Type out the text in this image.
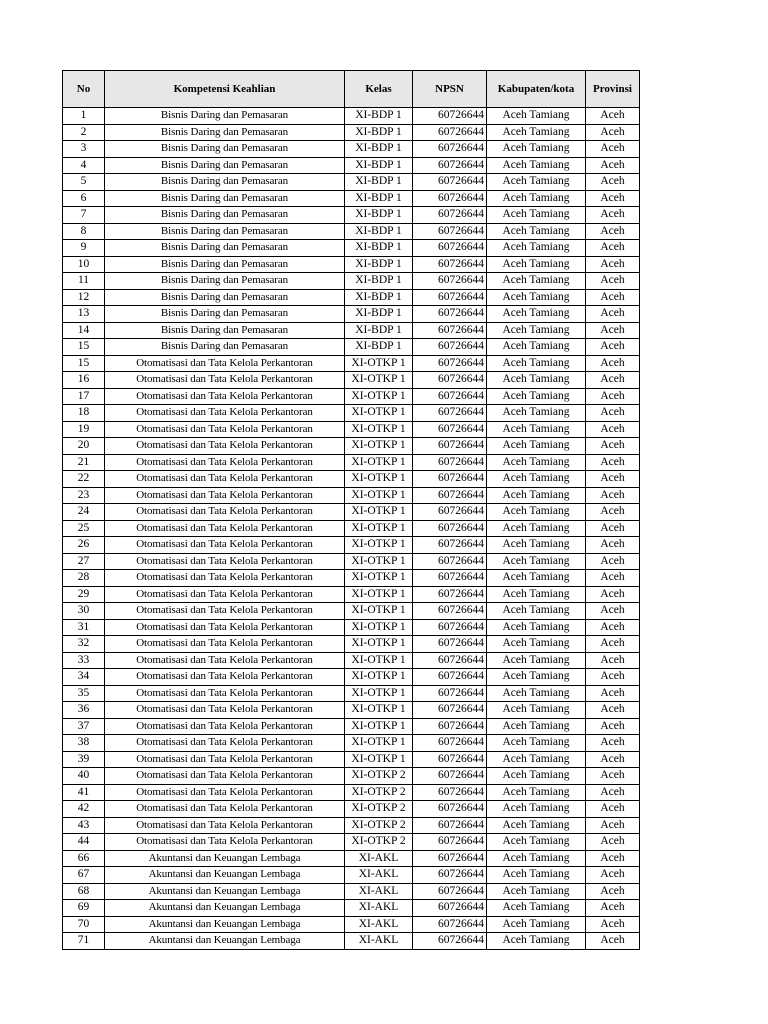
No	Kompetensi Keahlian	Kelas	NPSN	Kabupaten/kota	Provinsi
1	Bisnis Daring dan Pemasaran	XI-BDP 1	60726644	Aceh Tamiang	Aceh
2	Bisnis Daring dan Pemasaran	XI-BDP 1	60726644	Aceh Tamiang	Aceh
3	Bisnis Daring dan Pemasaran	XI-BDP 1	60726644	Aceh Tamiang	Aceh
4	Bisnis Daring dan Pemasaran	XI-BDP 1	60726644	Aceh Tamiang	Aceh
5	Bisnis Daring dan Pemasaran	XI-BDP 1	60726644	Aceh Tamiang	Aceh
6	Bisnis Daring dan Pemasaran	XI-BDP 1	60726644	Aceh Tamiang	Aceh
7	Bisnis Daring dan Pemasaran	XI-BDP 1	60726644	Aceh Tamiang	Aceh
8	Bisnis Daring dan Pemasaran	XI-BDP 1	60726644	Aceh Tamiang	Aceh
9	Bisnis Daring dan Pemasaran	XI-BDP 1	60726644	Aceh Tamiang	Aceh
10	Bisnis Daring dan Pemasaran	XI-BDP 1	60726644	Aceh Tamiang	Aceh
11	Bisnis Daring dan Pemasaran	XI-BDP 1	60726644	Aceh Tamiang	Aceh
12	Bisnis Daring dan Pemasaran	XI-BDP 1	60726644	Aceh Tamiang	Aceh
13	Bisnis Daring dan Pemasaran	XI-BDP 1	60726644	Aceh Tamiang	Aceh
14	Bisnis Daring dan Pemasaran	XI-BDP 1	60726644	Aceh Tamiang	Aceh
15	Bisnis Daring dan Pemasaran	XI-BDP 1	60726644	Aceh Tamiang	Aceh
15	Otomatisasi dan Tata Kelola Perkantoran	XI-OTKP 1	60726644	Aceh Tamiang	Aceh
16	Otomatisasi dan Tata Kelola Perkantoran	XI-OTKP 1	60726644	Aceh Tamiang	Aceh
17	Otomatisasi dan Tata Kelola Perkantoran	XI-OTKP 1	60726644	Aceh Tamiang	Aceh
18	Otomatisasi dan Tata Kelola Perkantoran	XI-OTKP 1	60726644	Aceh Tamiang	Aceh
19	Otomatisasi dan Tata Kelola Perkantoran	XI-OTKP 1	60726644	Aceh Tamiang	Aceh
20	Otomatisasi dan Tata Kelola Perkantoran	XI-OTKP 1	60726644	Aceh Tamiang	Aceh
21	Otomatisasi dan Tata Kelola Perkantoran	XI-OTKP 1	60726644	Aceh Tamiang	Aceh
22	Otomatisasi dan Tata Kelola Perkantoran	XI-OTKP 1	60726644	Aceh Tamiang	Aceh
23	Otomatisasi dan Tata Kelola Perkantoran	XI-OTKP 1	60726644	Aceh Tamiang	Aceh
24	Otomatisasi dan Tata Kelola Perkantoran	XI-OTKP 1	60726644	Aceh Tamiang	Aceh
25	Otomatisasi dan Tata Kelola Perkantoran	XI-OTKP 1	60726644	Aceh Tamiang	Aceh
26	Otomatisasi dan Tata Kelola Perkantoran	XI-OTKP 1	60726644	Aceh Tamiang	Aceh
27	Otomatisasi dan Tata Kelola Perkantoran	XI-OTKP 1	60726644	Aceh Tamiang	Aceh
28	Otomatisasi dan Tata Kelola Perkantoran	XI-OTKP 1	60726644	Aceh Tamiang	Aceh
29	Otomatisasi dan Tata Kelola Perkantoran	XI-OTKP 1	60726644	Aceh Tamiang	Aceh
30	Otomatisasi dan Tata Kelola Perkantoran	XI-OTKP 1	60726644	Aceh Tamiang	Aceh
31	Otomatisasi dan Tata Kelola Perkantoran	XI-OTKP 1	60726644	Aceh Tamiang	Aceh
32	Otomatisasi dan Tata Kelola Perkantoran	XI-OTKP 1	60726644	Aceh Tamiang	Aceh
33	Otomatisasi dan Tata Kelola Perkantoran	XI-OTKP 1	60726644	Aceh Tamiang	Aceh
34	Otomatisasi dan Tata Kelola Perkantoran	XI-OTKP 1	60726644	Aceh Tamiang	Aceh
35	Otomatisasi dan Tata Kelola Perkantoran	XI-OTKP 1	60726644	Aceh Tamiang	Aceh
36	Otomatisasi dan Tata Kelola Perkantoran	XI-OTKP 1	60726644	Aceh Tamiang	Aceh
37	Otomatisasi dan Tata Kelola Perkantoran	XI-OTKP 1	60726644	Aceh Tamiang	Aceh
38	Otomatisasi dan Tata Kelola Perkantoran	XI-OTKP 1	60726644	Aceh Tamiang	Aceh
39	Otomatisasi dan Tata Kelola Perkantoran	XI-OTKP 1	60726644	Aceh Tamiang	Aceh
40	Otomatisasi dan Tata Kelola Perkantoran	XI-OTKP 2	60726644	Aceh Tamiang	Aceh
41	Otomatisasi dan Tata Kelola Perkantoran	XI-OTKP 2	60726644	Aceh Tamiang	Aceh
42	Otomatisasi dan Tata Kelola Perkantoran	XI-OTKP 2	60726644	Aceh Tamiang	Aceh
43	Otomatisasi dan Tata Kelola Perkantoran	XI-OTKP 2	60726644	Aceh Tamiang	Aceh
44	Otomatisasi dan Tata Kelola Perkantoran	XI-OTKP 2	60726644	Aceh Tamiang	Aceh
66	Akuntansi dan Keuangan Lembaga	XI-AKL	60726644	Aceh Tamiang	Aceh
67	Akuntansi dan Keuangan Lembaga	XI-AKL	60726644	Aceh Tamiang	Aceh
68	Akuntansi dan Keuangan Lembaga	XI-AKL	60726644	Aceh Tamiang	Aceh
69	Akuntansi dan Keuangan Lembaga	XI-AKL	60726644	Aceh Tamiang	Aceh
70	Akuntansi dan Keuangan Lembaga	XI-AKL	60726644	Aceh Tamiang	Aceh
71	Akuntansi dan Keuangan Lembaga	XI-AKL	60726644	Aceh Tamiang	Aceh
